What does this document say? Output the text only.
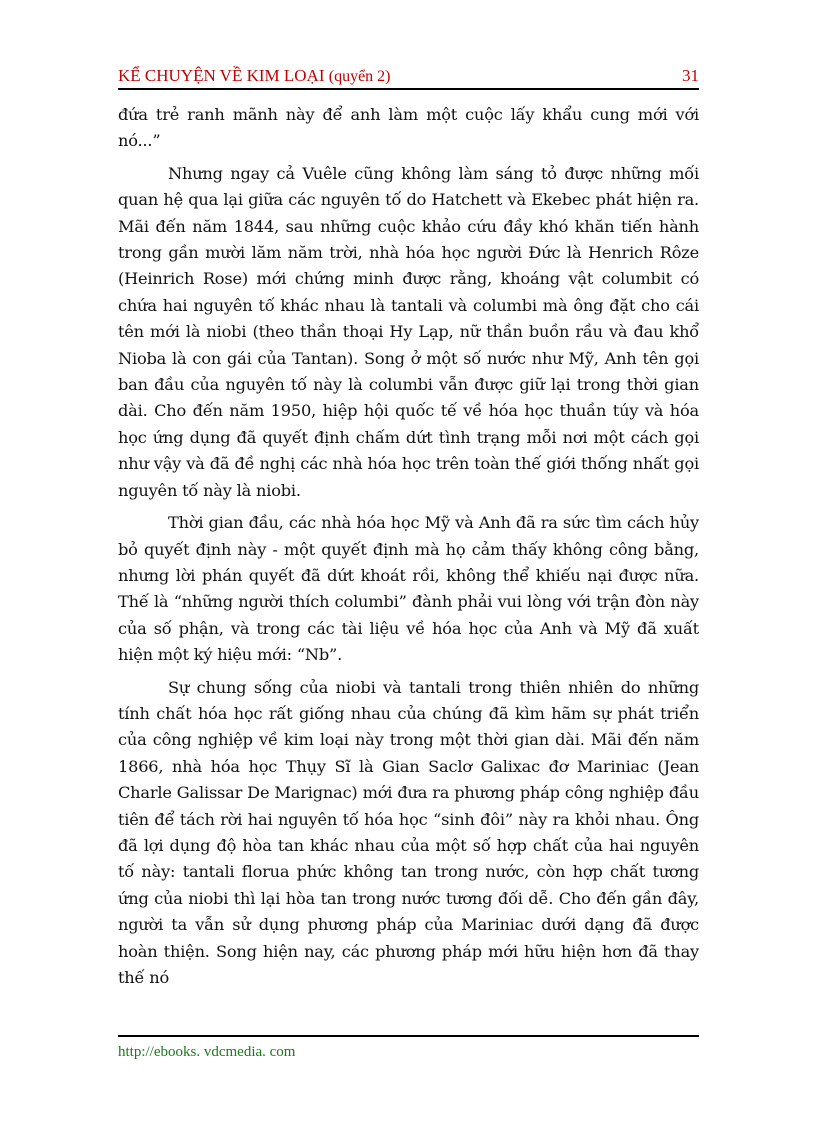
KỂ CHUYỆN VỀ KIM LOẠI (quyển 2)	31

đứa trẻ ranh mãnh này để anh làm một cuộc lấy khẩu cung mới với nó...”

Nhưng ngay cả Vuêle cũng không làm sáng tỏ được những mối quan hệ qua lại giữa các nguyên tố do Hatchett và Ekebec phát hiện ra. Mãi đến năm 1844, sau những cuộc khảo cứu đầy khó khăn tiến hành trong gần mười lăm năm trời, nhà hóa học người Đức là Henrich Rôze (Heinrich Rose) mới chứng minh được rằng, khoáng vật columbit có chứa hai nguyên tố khác nhau là tantali và columbi mà ông đặt cho cái tên mới là niobi (theo thần thoại Hy Lạp, nữ thần buồn rầu và đau khổ Nioba là con gái của Tantan). Song ở một số nước như Mỹ, Anh tên gọi ban đầu của nguyên tố này là columbi vẫn được giữ lại trong thời gian dài. Cho đến năm 1950, hiệp hội quốc tế về hóa học thuần túy và hóa học ứng dụng đã quyết định chấm dứt tình trạng mỗi nơi một cách gọi như vậy và đã đề nghị các nhà hóa học trên toàn thế giới thống nhất gọi nguyên tố này là niobi.

Thời gian đầu, các nhà hóa học Mỹ và Anh đã ra sức tìm cách hủy bỏ quyết định này - một quyết định mà họ cảm thấy không công bằng, nhưng lời phán quyết đã dứt khoát rồi, không thể khiếu nại được nữa. Thế là “những người thích columbi” đành phải vui lòng với trận đòn này của số phận, và trong các tài liệu về hóa học của Anh và Mỹ đã xuất hiện một ký hiệu mới: “Nb”.

Sự chung sống của niobi và tantali trong thiên nhiên do những tính chất hóa học rất giống nhau của chúng đã kìm hãm sự phát triển của công nghiệp về kim loại này trong một thời gian dài. Mãi đến năm 1866, nhà hóa học Thụy Sĩ là Gian Saclơ Galixac đơ Mariniac (Jean Charle Galissar De Marignac) mới đưa ra phương pháp công nghiệp đầu tiên để tách rời hai nguyên tố hóa học “sinh đôi” này ra khỏi nhau. Ông đã lợi dụng độ hòa tan khác nhau của một số hợp chất của hai nguyên tố này: tantali florua phức không tan trong nước, còn hợp chất tương ứng của niobi thì lại hòa tan trong nước tương đối dễ. Cho đến gần đây, người ta vẫn sử dụng phương pháp của Mariniac dưới dạng đã được hoàn thiện. Song hiện nay, các phương pháp mới hữu hiện hơn đã thay thế nó

http://ebooks. vdcmedia. com
